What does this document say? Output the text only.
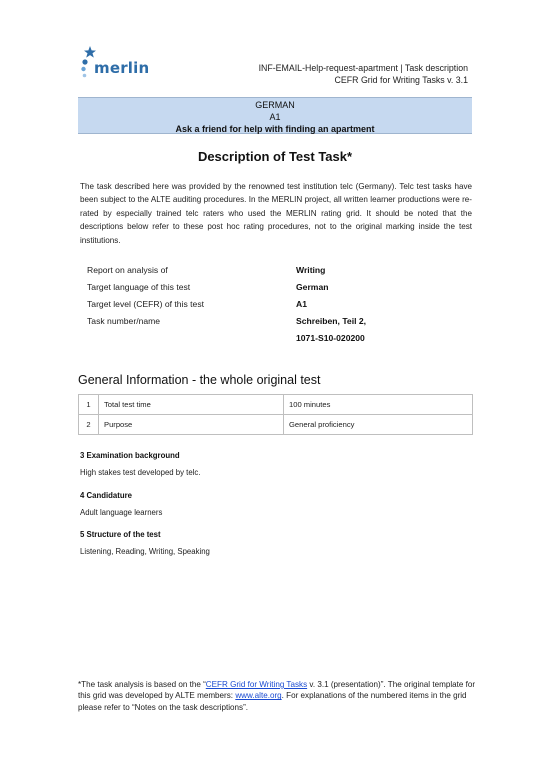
merlin	INF-EMAIL-Help-request-apartment | Task description
CEFR Grid for Writing Tasks v. 3.1
GERMAN
A1
Ask a friend for help with finding an apartment
Description of Test Task*
The task described here was provided by the renowned test institution telc (Germany). Telc test tasks have been subject to the ALTE auditing procedures. In the MERLIN project, all written learner productions were re-rated by especially trained telc raters who used the MERLIN rating grid. It should be noted that the descriptions below refer to these post hoc rating procedures, not to the original marking inside the test institutions.
Report on analysis of	Writing
Target language of this test	German
Target level (CEFR) of this test	A1
Task number/name	Schreiben, Teil 2,
1071-S10-020200
General Information - the whole original test
1	Total test time	100 minutes
2	Purpose	General proficiency
3 Examination background
High stakes test developed by telc.
4 Candidature
Adult language learners
5 Structure of the test
Listening, Reading, Writing, Speaking
*The task analysis is based on the “CEFR Grid for Writing Tasks v. 3.1 (presentation)”. The original template for this grid was developed by ALTE members: www.alte.org. For explanations of the numbered items in the grid please refer to “Notes on the task descriptions”.
